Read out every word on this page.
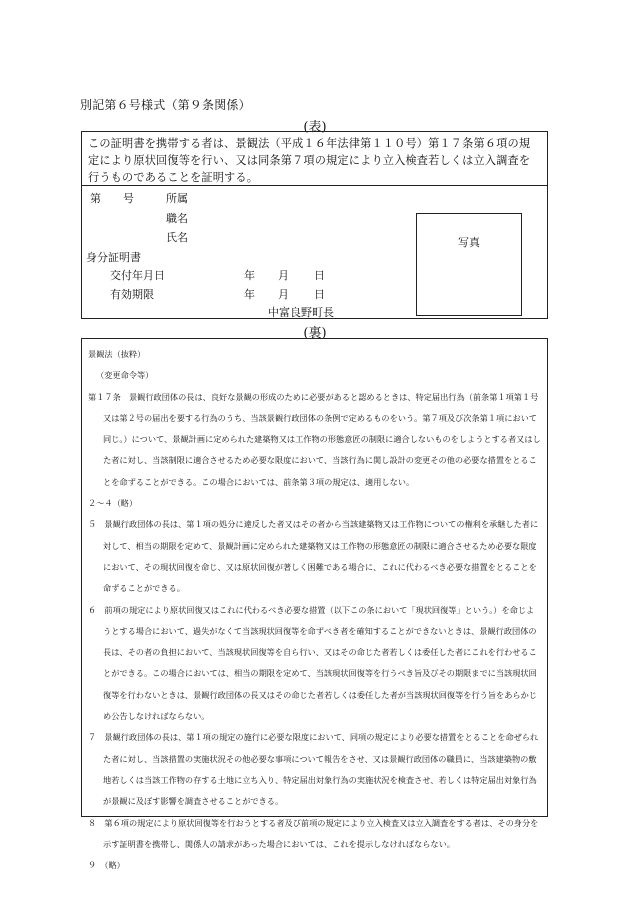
別記第６号様式（第９条関係）
(表)
この証明書を携帯する者は、景観法（平成１６年法律第１１０号）第１７条第６項の規定により原状回復等を行い、又は同条第７項の規定により立入検査若しくは立入調査を行うものであることを証明する。
第 号	所属
職名
氏名	写真
身分証明書
交付年月日	年 月 日
有効期限	年 月 日
中富良野町長
(裏)

景観法（抜粋）

（変更命令等）

第１７条　景観行政団体の長は、良好な景観の形成のために必要があると認めるときは、特定届出行為（前条第１項第１号又は第２号の届出を要する行為のうち、当該景観行政団体の条例で定めるものをいう。第７項及び次条第１項において同じ。）について、景観計画に定められた建築物又は工作物の形態意匠の制限に適合しないものをしようとする者又はした者に対し、当該制限に適合させるため必要な限度において、当該行為に関し設計の変更その他の必要な措置をとることを命ずることができる。この場合においては、前条第３項の規定は、適用しない。

２～４（略）

５　景観行政団体の長は、第１項の処分に違反した者又はその者から当該建築物又は工作物についての権利を承継した者に対して、相当の期限を定めて、景観計画に定められた建築物又は工作物の形態意匠の制限に適合させるため必要な限度において、その現状回復を命じ、又は原状回復が著しく困難である場合に、これに代わるべき必要な措置をとることを命ずることができる。

６　前項の規定により原状回復又はこれに代わるべき必要な措置（以下この条において「現状回復等」という。）を命じようとする場合において、過失がなくて当該現状回復等を命ずべき者を確知することができないときは、景観行政団体の長は、その者の負担において、当該現状回復等を自ら行い、又はその命じた者若しくは委任した者にこれを行わせることができる。この場合においては、相当の期限を定めて、当該現状回復等を行うべき旨及びその期限までに当該現状回復等を行わないときは、景観行政団体の長又はその命じた者若しくは委任した者が当該現状回復等を行う旨をあらかじめ公告しなければならない。

７　景観行政団体の長は、第１項の規定の施行に必要な限度において、同項の規定により必要な措置をとることを命ぜられた者に対し、当該措置の実施状況その他必要な事項について報告をさせ、又は景観行政団体の職員に、当該建築物の敷地若しくは当該工作物の存する土地に立ち入り、特定届出対象行為の実施状況を検査させ、若しくは特定届出対象行為が景観に及ぼす影響を調査させることができる。

８　第６項の規定により原状回復等を行おうとする者及び前項の規定により立入検査又は立入調査をする者は、その身分を示す証明書を携帯し、関係人の請求があった場合においては、これを提示しなければならない。

９　（略）
